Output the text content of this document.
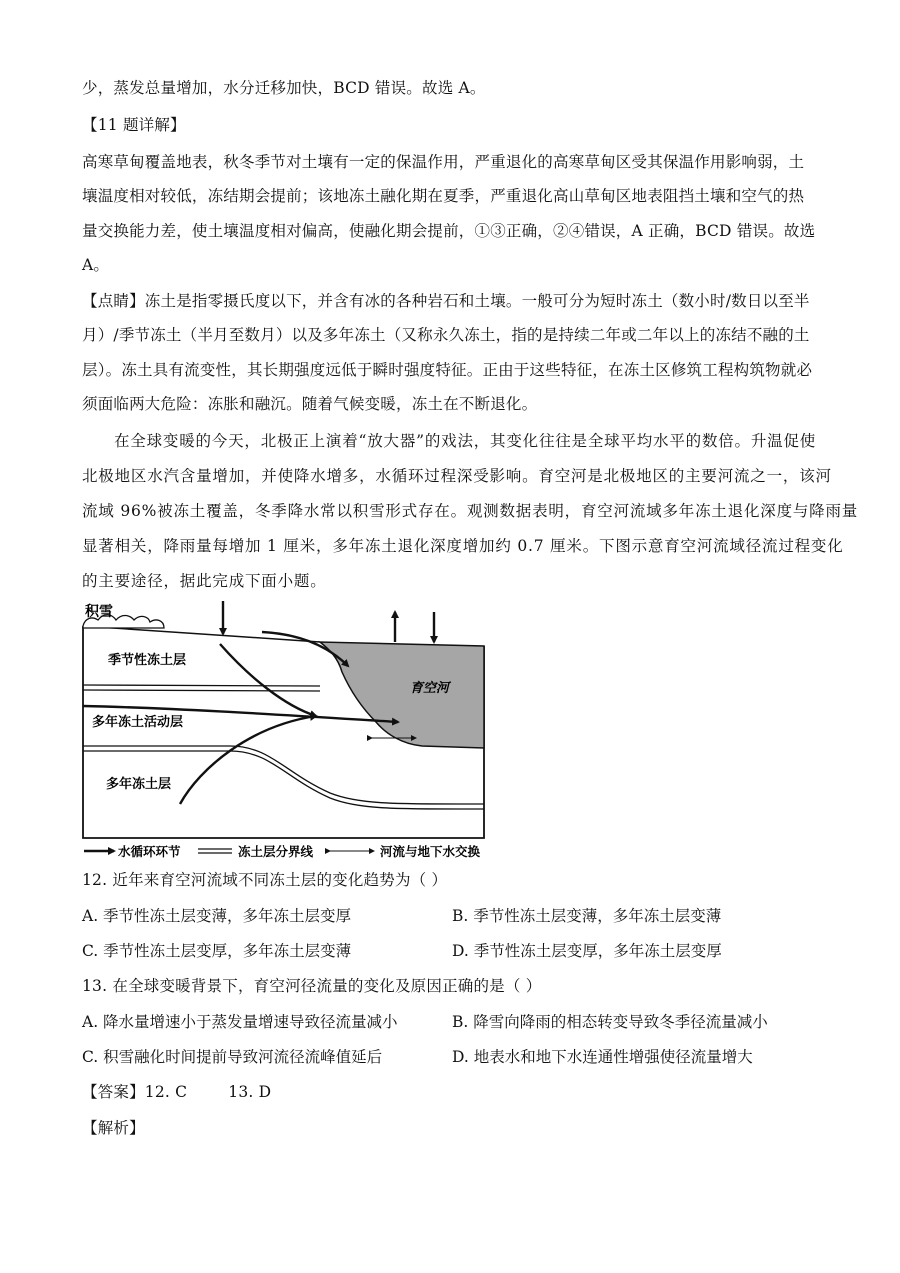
少，蒸发总量增加，水分迁移加快，BCD 错误。故选 A。
【11 题详解】
高寒草甸覆盖地表，秋冬季节对土壤有一定的保温作用，严重退化的高寒草甸区受其保温作用影响弱，土
壤温度相对较低，冻结期会提前；该地冻土融化期在夏季，严重退化高山草甸区地表阻挡土壤和空气的热
量交换能力差，使土壤温度相对偏高，使融化期会提前，①③正确，②④错误，A 正确，BCD 错误。故选
A。
【点睛】冻土是指零摄氏度以下，并含有冰的各种岩石和土壤。一般可分为短时冻土（数小时/数日以至半
月）/季节冻土（半月至数月）以及多年冻土（又称永久冻土，指的是持续二年或二年以上的冻结不融的土
层）。冻土具有流变性，其长期强度远低于瞬时强度特征。正由于这些特征，在冻土区修筑工程构筑物就必
须面临两大危险：冻胀和融沉。随着气候变暖，冻土在不断退化。
在全球变暖的今天，北极正上演着“放大器”的戏法，其变化往往是全球平均水平的数倍。升温促使
北极地区水汽含量增加，并使降水增多，水循环过程深受影响。育空河是北极地区的主要河流之一，该河
流域 96%被冻土覆盖，冬季降水常以积雪形式存在。观测数据表明，育空河流域多年冻土退化深度与降雨量
显著相关，降雨量每增加 1 厘米，多年冻土退化深度增加约 0.7 厘米。下图示意育空河流域径流过程变化
的主要途径，据此完成下面小题。
积雪
季节性冻土层
多年冻土活动层
多年冻土层
育空河
水循环环节	冻土层分界线	河流与地下水交换
12. 近年来育空河流域不同冻土层的变化趋势为（ ）
A. 季节性冻土层变薄，多年冻土层变厚	B. 季节性冻土层变薄，多年冻土层变薄
C. 季节性冻土层变厚，多年冻土层变薄	D. 季节性冻土层变厚，多年冻土层变厚
13. 在全球变暖背景下，育空河径流量的变化及原因正确的是（ ）
A. 降水量增速小于蒸发量增速导致径流量减小	B. 降雪向降雨的相态转变导致冬季径流量减小
C. 积雪融化时间提前导致河流径流峰值延后	D. 地表水和地下水连通性增强使径流量增大
【答案】12. C        13. D
【解析】
